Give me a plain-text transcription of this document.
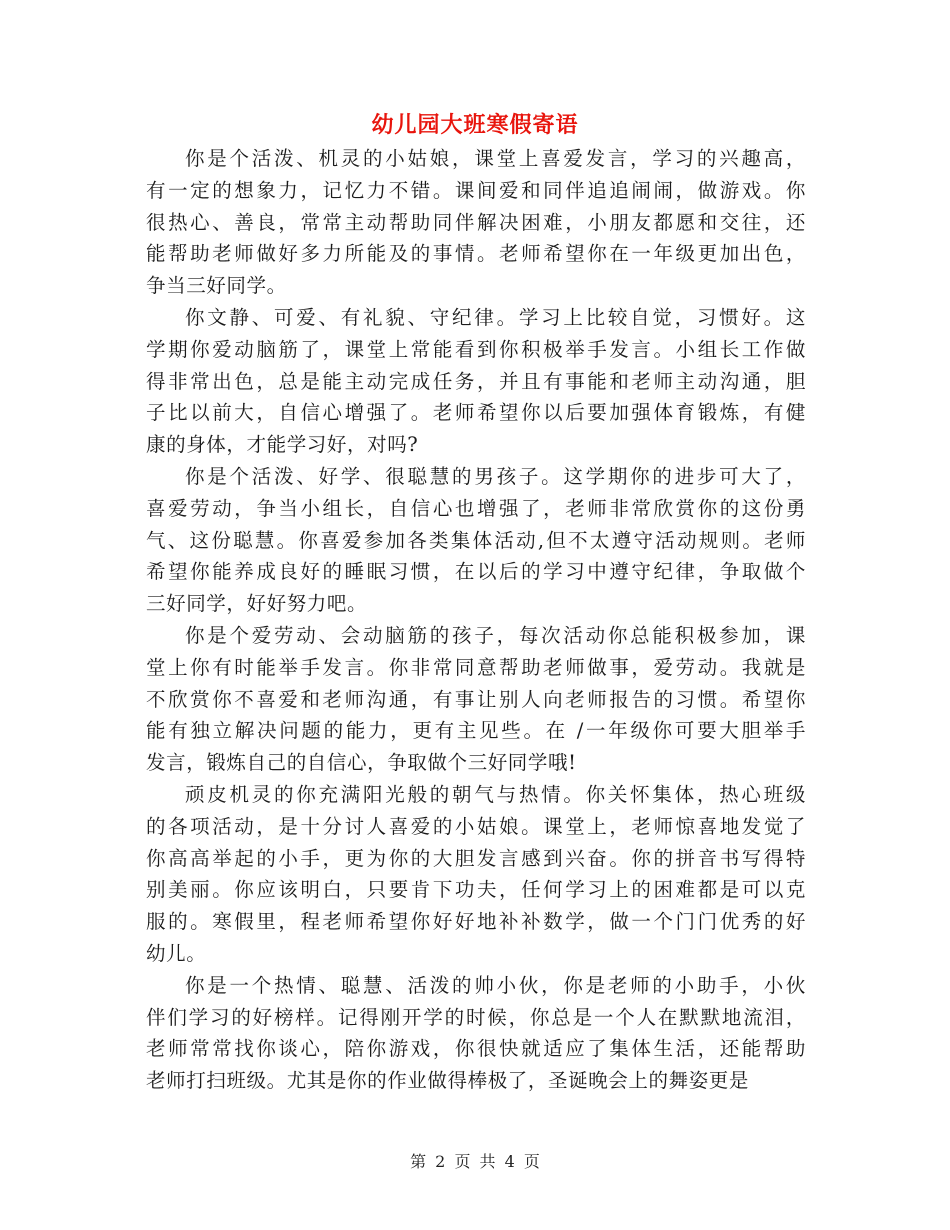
幼儿园大班寒假寄语
你是个活泼、机灵的小姑娘，课堂上喜爱发言，学习的兴趣高，
有一定的想象力，记忆力不错。课间爱和同伴追追闹闹，做游戏。你
很热心、善良，常常主动帮助同伴解决困难，小朋友都愿和交往，还
能帮助老师做好多力所能及的事情。老师希望你在一年级更加出色，
争当三好同学。
你文静、可爱、有礼貌、守纪律。学习上比较自觉，习惯好。这
学期你爱动脑筋了，课堂上常能看到你积极举手发言。小组长工作做
得非常出色，总是能主动完成任务，并且有事能和老师主动沟通，胆
子比以前大，自信心增强了。老师希望你以后要加强体育锻炼，有健
康的身体，才能学习好，对吗?
你是个活泼、好学、很聪慧的男孩子。这学期你的进步可大了，
喜爱劳动，争当小组长，自信心也增强了，老师非常欣赏你的这份勇
气、这份聪慧。你喜爱参加各类集体活动,但不太遵守活动规则。老师
希望你能养成良好的睡眠习惯，在以后的学习中遵守纪律，争取做个
三好同学，好好努力吧。
你是个爱劳动、会动脑筋的孩子，每次活动你总能积极参加，课
堂上你有时能举手发言。你非常同意帮助老师做事，爱劳动。我就是
不欣赏你不喜爱和老师沟通，有事让别人向老师报告的习惯。希望你
能有独立解决问题的能力，更有主见些。在 /一年级你可要大胆举手
发言，锻炼自己的自信心，争取做个三好同学哦!
顽皮机灵的你充满阳光般的朝气与热情。你关怀集体，热心班级
的各项活动，是十分讨人喜爱的小姑娘。课堂上，老师惊喜地发觉了
你高高举起的小手，更为你的大胆发言感到兴奋。你的拼音书写得特
别美丽。你应该明白，只要肯下功夫，任何学习上的困难都是可以克
服的。寒假里，程老师希望你好好地补补数学，做一个门门优秀的好
幼儿。
你是一个热情、聪慧、活泼的帅小伙，你是老师的小助手，小伙
伴们学习的好榜样。记得刚开学的时候，你总是一个人在默默地流泪，
老师常常找你谈心，陪你游戏，你很快就适应了集体生活，还能帮助
老师打扫班级。尤其是你的作业做得棒极了，圣诞晚会上的舞姿更是
第 2 页 共 4 页
